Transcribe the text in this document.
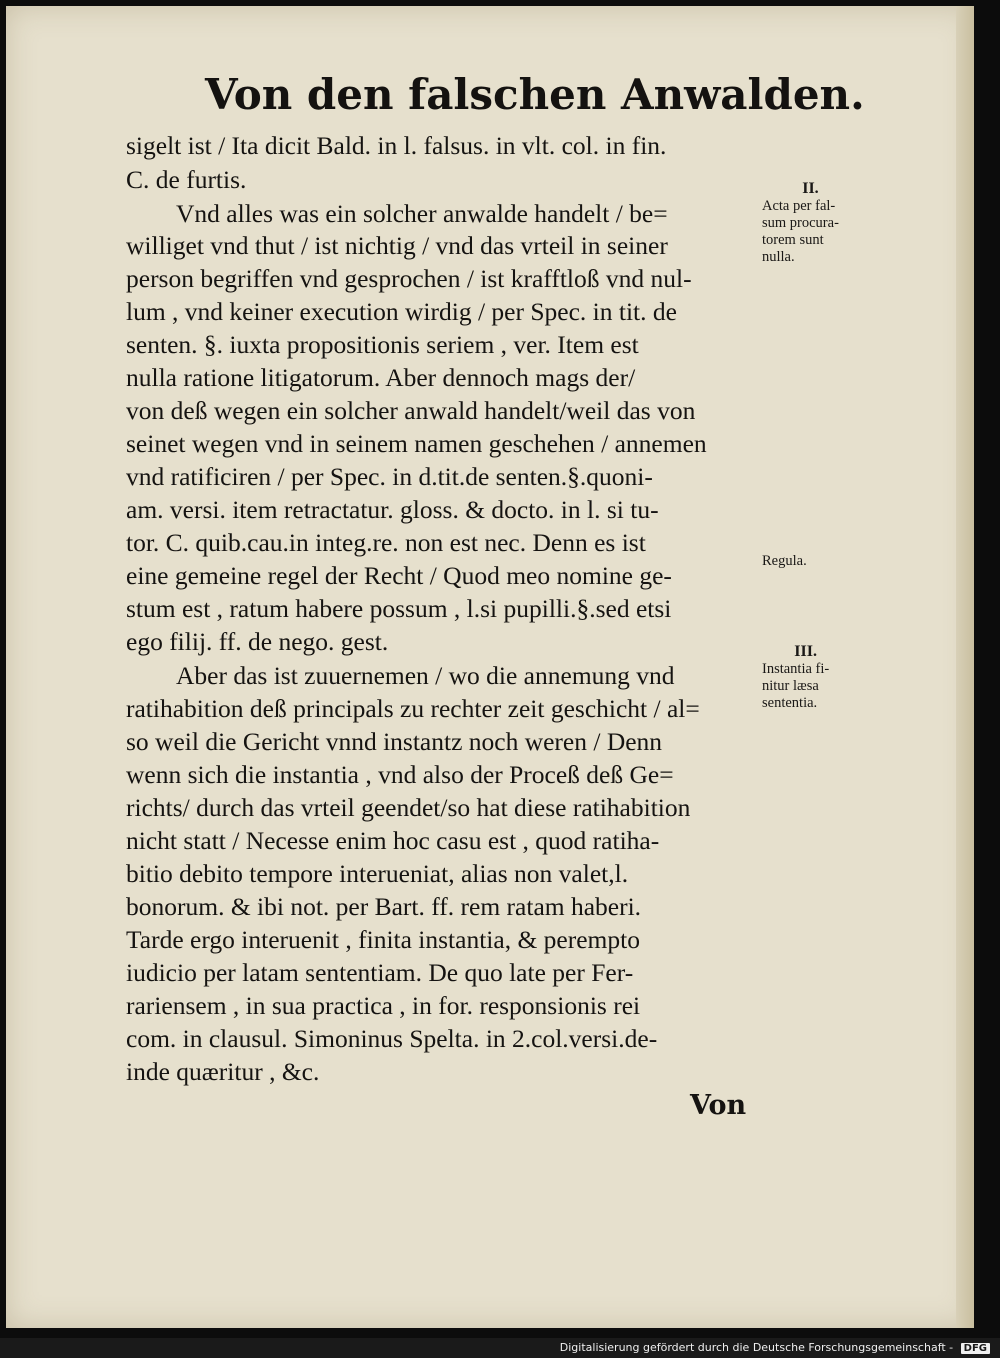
Von den falschen Anwalden.
sigelt ist / Ita dicit Bald. in l. falsus. in vlt. col. in fin.
C. de furtis.
Vnd alles was ein solcher anwalde handelt / be=
williget vnd thut / ist nichtig / vnd das vrteil in seiner
person begriffen vnd gesprochen / ist krafftloß vnd nul-
lum , vnd keiner execution wirdig / per Spec. in tit. de
senten. §. iuxta propositionis seriem , ver. Item est
nulla ratione litigatorum. Aber dennoch mags der/
von deß wegen ein solcher anwald handelt/weil das von
seinet wegen vnd in seinem namen geschehen / annemen
vnd ratificiren / per Spec. in d.tit.de senten.§.quoni-
am. versi. item retractatur. gloss. & docto. in l. si tu-
tor. C. quib.cau.in integ.re. non est nec. Denn es ist
eine gemeine regel der Recht / Quod meo nomine ge-
stum est , ratum habere possum , l.si pupilli.§.sed etsi
ego filij. ff. de nego. gest.
Aber das ist zuuernemen / wo die annemung vnd
ratihabition deß principals zu rechter zeit geschicht / al=
so weil die Gericht vnnd instantz noch weren / Denn
wenn sich die instantia , vnd also der Proceß deß Ge=
richts/ durch das vrteil geendet/so hat diese ratihabition
nicht statt / Necesse enim hoc casu est , quod ratiha-
bitio debito tempore interueniat, alias non valet,l.
bonorum. & ibi not. per Bart. ff. rem ratam haberi.
Tarde ergo interuenit , finita instantia, & perempto
iudicio per latam sententiam. De quo late per Fer-
rariensem , in sua practica , in for. responsionis rei
com. in clausul. Simoninus Spelta. in 2.col.versi.de-
inde quæritur , &c.
II.
Acta per fal-
sum procura-
torem sunt
nulla.
Regula.
III.
Instantia fi-
nitur læsa
sententia.
Von
Digitalisierung gefördert durch die Deutsche Forschungsgemeinschaft - DFG
